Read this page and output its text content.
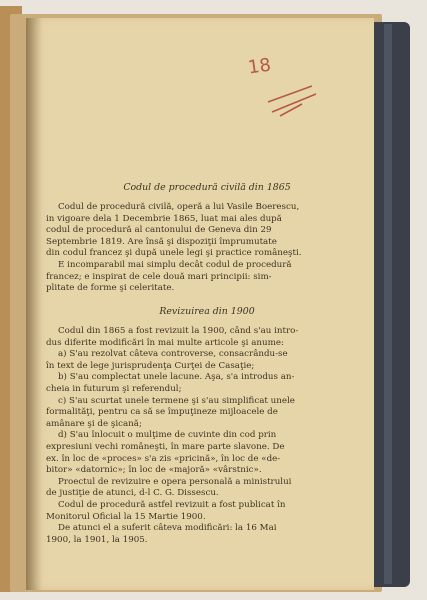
18

Codul de procedură civilă din 1865

Codul de procedură civilă, operă a lui Vasile Boerescu,

in vigoare dela 1 Decembrie 1865, luat mai ales după

codul de procedură al cantonului de Geneva din 29

Septembrie 1819. Are însă şi dispoziţii împrumutate

din codul francez şi după unele legi şi practice româneşti.

E incomparabil mai simplu decât codul de procedură

francez; e inspirat de cele două mari principii: sim-

plitate de forme şi celeritate.

Revizuirea din 1900

Codul din 1865 a fost revizuit la 1900, când s'au intro-

dus diferite modificări în mai multe articole şi anume:

a) S'au rezolvat câteva controverse, consacrându-se

în text de lege jurisprudenţa Curţei de Casaţie;

b) S'au complectat unele lacune. Aşa, s'a introdus an-

cheia in futurum şi referendul;

c) S'au scurtat unele termene şi s'au simplificat unele

formalităţi, pentru ca să se împuţineze mijloacele de

amânare şi de şicană;

d) S'au înlocuit o mulţime de cuvinte din cod prin

expresiuni vechi româneşti, în mare parte slavone. De

ex. în loc de «proces» s'a zis «pricină», în loc de «de-

bitor» «datornic»; în loc de «majoră» «vârstnic».

Proectul de revizuire e opera personală a ministrului

de justiţie de atunci, d-l C. G. Dissescu.

Codul de procedură astfel revizuit a fost publicat în

Monitorul Oficial la 15 Martie 1900.

De atunci el a suferit câteva modificări: la 16 Mai

1900, la 1901, la 1905.
